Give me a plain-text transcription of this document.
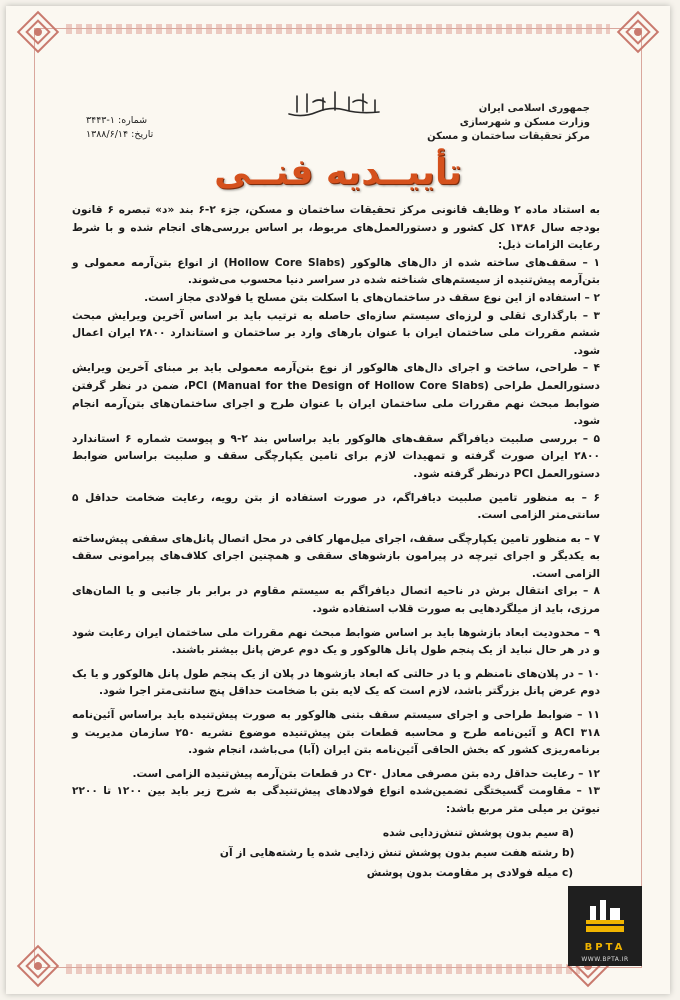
جمهوری اسلامی ایران
وزارت مسکن و شهرسازی
مرکز تحقیقات ساختمان و مسکن
شماره: ۱-۳۴۴۳
تاریخ: ۱۳۸۸/۶/۱۴
تأییــدیه فنــی

به استناد ماده ۲ وظایف قانونی مرکز تحقیقات ساختمان و مسکن، جزء ۲-۶ بند «د» تبصره ۶ قانون بودجه سال ۱۳۸۶ کل کشور و دستورالعمل‌های مربوط، بر اساس بررسی‌های انجام شده و با شرط رعایت الزامات ذیل:

۱ – سقف‌های ساخته شده از دال‌های هالوکور (Hollow Core Slabs) از انواع بتن‌آرمه معمولی و بتن‌آرمه پیش‌تنیده از سیستم‌های شناخته شده در سراسر دنیا محسوب می‌شوند.

۲ – استفاده از این نوع سقف در ساختمان‌های با اسکلت بتن مسلح یا فولادی مجاز است.

۳ – بارگذاری ثقلی و لرزه‌ای سیستم سازه‌ای حاصله به ترتیب باید بر اساس آخرین ویرایش مبحث ششم مقررات ملی ساختمان ایران با عنوان بارهای وارد بر ساختمان و استاندارد ۲۸۰۰ ایران اعمال شود.

۴ – طراحی، ساخت و اجرای دال‌های هالوکور از نوع بتن‌آرمه معمولی باید بر مبنای آخرین ویرایش دستورالعمل طراحی PCI (Manual for the Design of Hollow Core Slabs)، ضمن در نظر گرفتن ضوابط مبحث نهم مقررات ملی ساختمان ایران با عنوان طرح و اجرای ساختمان‌های بتن‌آرمه انجام شود.

۵ – بررسی صلبیت دیافراگم سقف‌های هالوکور باید براساس بند ۲-۹ و پیوست شماره ۶ استاندارد ۲۸۰۰ ایران صورت گرفته و تمهیدات لازم برای تامین یکپارچگی سقف و صلبیت براساس ضوابط دستورالعمل PCI درنظر گرفته شود.

۶ – به منظور تامین صلبیت دیافراگم، در صورت استفاده از بتن رویه، رعایت ضخامت حداقل ۵ سانتی‌متر الزامی است.

۷ – به منظور تامین یکپارچگی سقف، اجرای میل‌مهار کافی در محل اتصال پانل‌های سقفی پیش‌ساخته به یکدیگر و اجرای تیرچه در پیرامون بازشوهای سقفی و همچنین اجرای کلاف‌های پیرامونی سقف الزامی است.

۸ – برای انتقال برش در ناحیه اتصال دیافراگم به سیستم مقاوم در برابر بار جانبی و یا المان‌های مرزی، باید از میلگردهایی به صورت قلاب استفاده شود.

۹ – محدودیت ابعاد بازشوها باید بر اساس ضوابط مبحث نهم مقررات ملی ساختمان ایران رعایت شود و در هر حال نباید از یک پنجم طول پانل هالوکور و یک دوم عرض پانل بیشتر باشند.

۱۰ – در پلان‌های نامنظم و یا در حالتی که ابعاد بازشوها در پلان از یک پنجم طول پانل هالوکور و یا یک دوم عرض پانل بزرگتر باشد، لازم است که یک لایه بتن با ضخامت حداقل پنج سانتی‌متر اجرا شود.

۱۱ – ضوابط طراحی و اجرای سیستم سقف بتنی هالوکور به صورت پیش‌تنیده باید براساس آئین‌نامه ACI ۳۱۸ و آئین‌نامه طرح و محاسبه قطعات بتن پیش‌تنیده موضوع نشریه ۲۵۰ سازمان مدیریت و برنامه‌ریزی کشور که بخش الحاقی آئین‌نامه بتن ایران (آبا) می‌باشد، انجام شود.

۱۲ – رعایت حداقل رده بتن مصرفی معادل C۳۰ در قطعات بتن‌آرمه پیش‌تنیده الزامی است.

۱۳ – مقاومت گسیختگی تضمین‌شده انواع فولادهای پیش‌تنیدگی به شرح زیر باید بین ۱۲۰۰ تا ۲۲۰۰ نیوتن بر میلی متر مربع باشد:

a) سیم بدون پوشش تنش‌زدایی شده
b) رشته هفت سیم بدون پوشش تنش زدایی شده یا رشته‌هایی از آن
c) میله فولادی پر مقاومت بدون پوشش
BPTA
WWW.BPTA.IR
